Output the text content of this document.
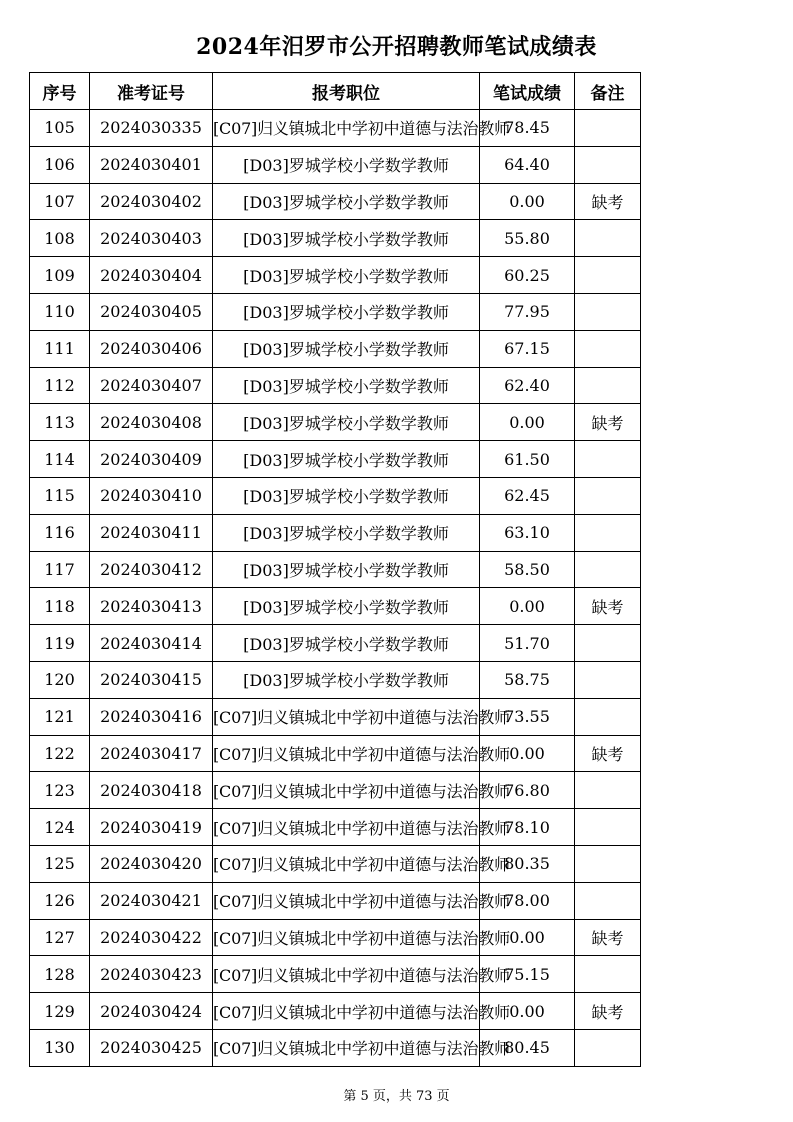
2024年汨罗市公开招聘教师笔试成绩表
序号	准考证号	报考职位	笔试成绩	备注
105	2024030335	[C07]归义镇城北中学初中道德与法治教师	78.45	
106	2024030401	[D03]罗城学校小学数学教师	64.40	
107	2024030402	[D03]罗城学校小学数学教师	0.00	缺考
108	2024030403	[D03]罗城学校小学数学教师	55.80	
109	2024030404	[D03]罗城学校小学数学教师	60.25	
110	2024030405	[D03]罗城学校小学数学教师	77.95	
111	2024030406	[D03]罗城学校小学数学教师	67.15	
112	2024030407	[D03]罗城学校小学数学教师	62.40	
113	2024030408	[D03]罗城学校小学数学教师	0.00	缺考
114	2024030409	[D03]罗城学校小学数学教师	61.50	
115	2024030410	[D03]罗城学校小学数学教师	62.45	
116	2024030411	[D03]罗城学校小学数学教师	63.10	
117	2024030412	[D03]罗城学校小学数学教师	58.50	
118	2024030413	[D03]罗城学校小学数学教师	0.00	缺考
119	2024030414	[D03]罗城学校小学数学教师	51.70	
120	2024030415	[D03]罗城学校小学数学教师	58.75	
121	2024030416	[C07]归义镇城北中学初中道德与法治教师	73.55	
122	2024030417	[C07]归义镇城北中学初中道德与法治教师	0.00	缺考
123	2024030418	[C07]归义镇城北中学初中道德与法治教师	76.80	
124	2024030419	[C07]归义镇城北中学初中道德与法治教师	78.10	
125	2024030420	[C07]归义镇城北中学初中道德与法治教师	80.35	
126	2024030421	[C07]归义镇城北中学初中道德与法治教师	78.00	
127	2024030422	[C07]归义镇城北中学初中道德与法治教师	0.00	缺考
128	2024030423	[C07]归义镇城北中学初中道德与法治教师	75.15	
129	2024030424	[C07]归义镇城北中学初中道德与法治教师	0.00	缺考
130	2024030425	[C07]归义镇城北中学初中道德与法治教师	80.45	
第 5 页，共 73 页
